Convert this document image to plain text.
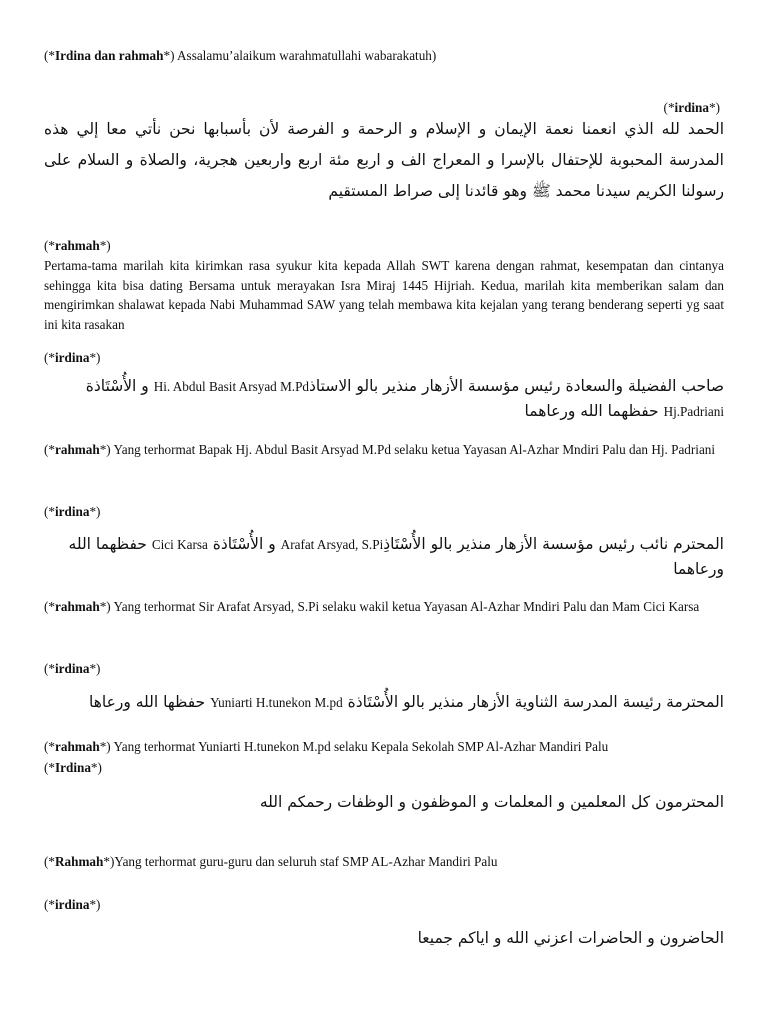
(*Irdina dan rahmah*) Assalamu’alaikum warahmatullahi wabarakatuh)
(*irdina*)
الحمد لله الذي انعمنا نعمة الإيمان و الإسلام و الرحمة و الفرصة لأن بأسبابها نحن نأتي معا إلي هذه المدرسة المحبوبة للإحتفال بالإسرا و المعراج الف و اربع مئة اربع واربعين هجرية، والصلاة و السلام على رسولنا الكريم سيدنا محمد ﷺ وهو قائدنا إلى صراط المستقيم
(*rahmah*)
Pertama-tama marilah kita kirimkan rasa syukur kita kepada Allah SWT karena dengan rahmat, kesempatan dan cintanya sehingga kita bisa dating Bersama untuk merayakan Isra Miraj 1445 Hijriah. Kedua, marilah kita memberikan salam dan mengirimkan shalawat kepada Nabi Muhammad SAW yang telah membawa kita kejalan yang terang benderang seperti yg saat ini kita rasakan
(*irdina*)
صاحب الفضيلة والسعادة رئيس مؤسسة الأزهار منذير بالو الاستاذHi. Abdul Basit Arsyad M.Pd و الأُسْتَاذة Hj.Padriani حفظهما الله ورعاهما
(*rahmah*) Yang terhormat Bapak Hj. Abdul Basit Arsyad M.Pd selaku ketua Yayasan Al-Azhar Mndiri Palu dan Hj. Padriani
(*irdina*)
المحترم نائب رئيس مؤسسة الأزهار منذير بالو الأُسْتَاذِArafat Arsyad, S.Pi و الأُسْتَاذة Cici Karsa حفظهما الله ورعاهما
(*rahmah*) Yang terhormat Sir Arafat Arsyad, S.Pi selaku wakil ketua Yayasan Al-Azhar Mndiri Palu dan Mam Cici Karsa
(*irdina*)
المحترمة رئيسة المدرسة الثناوية الأزهار منذير بالو الأُسْتَاذة Yuniarti H.tunekon M.pd حفظها الله ورعاها
(*rahmah*) Yang terhormat Yuniarti H.tunekon M.pd selaku Kepala Sekolah SMP Al-Azhar Mandiri Palu
(*Irdina*)
المحترمون كل المعلمين و المعلمات و الموظفون و الوظفات رحمكم الله
(*Rahmah*)Yang terhormat guru-guru dan seluruh staf SMP AL-Azhar Mandiri Palu
(*irdina*)
الحاضرون و الحاضرات اعزني الله و اياكم جميعا
